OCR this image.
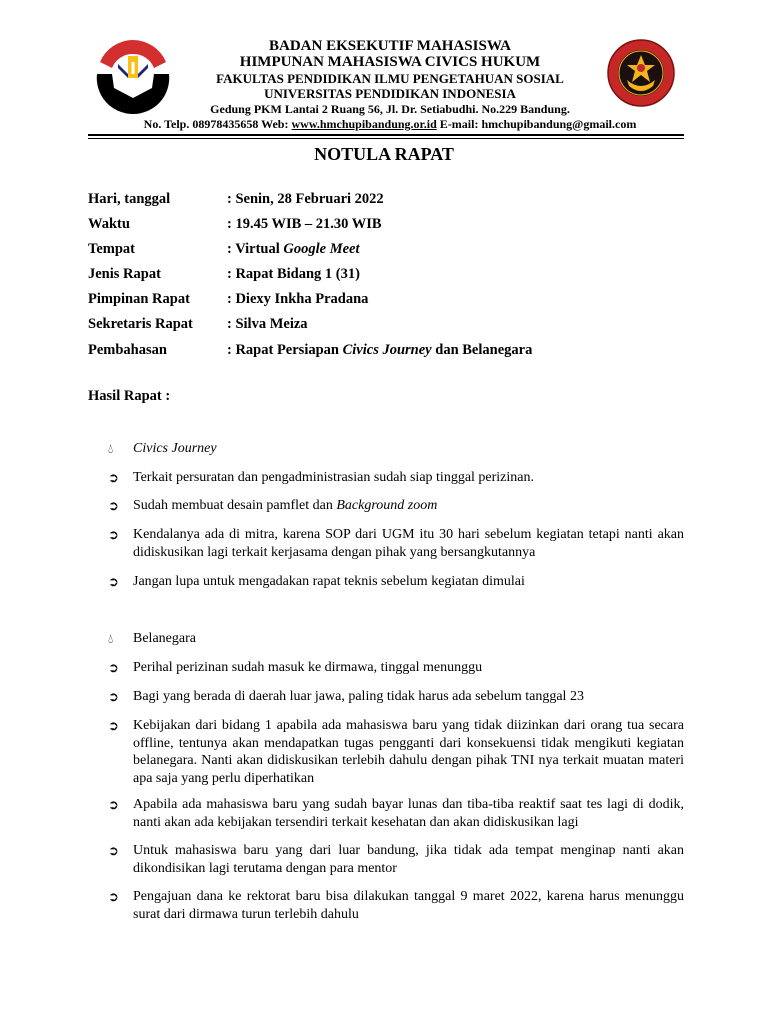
BADAN EKSEKUTIF MAHASISWA
HIMPUNAN MAHASISWA CIVICS HUKUM
FAKULTAS PENDIDIKAN ILMU PENGETAHUAN SOSIAL
UNIVERSITAS PENDIDIKAN INDONESIA
Gedung PKM Lantai 2 Ruang 56, Jl. Dr. Setiabudhi. No.229 Bandung.
No. Telp. 08978435658 Web: www.hmchupibandung.or.id E-mail: hmchupibandung@gmail.com
NOTULA RAPAT
Hari, tanggal	: Senin, 28 Februari 2022
Waktu	: 19.45 WIB – 21.30 WIB
Tempat	: Virtual Google Meet
Jenis Rapat	: Rapat Bidang 1 (31)
Pimpinan Rapat	: Diexy Inkha Pradana
Sekretaris Rapat : Silva Meiza
Pembahasan	: Rapat Persiapan Civics Journey dan Belanegara
Hasil Rapat :
💧︎	Civics Journey
➲	Terkait persuratan dan pengadministrasian sudah siap tinggal perizinan.
➲	Sudah membuat desain pamflet dan Background zoom
➲	Kendalanya ada di mitra, karena SOP dari UGM itu 30 hari sebelum kegiatan tetapi nanti akan didiskusikan lagi terkait kerjasama dengan pihak yang bersangkutannya
➲	Jangan lupa untuk mengadakan rapat teknis sebelum kegiatan dimulai
💧︎	Belanegara
➲	Perihal perizinan sudah masuk ke dirmawa, tinggal menunggu
➲	Bagi yang berada di daerah luar jawa, paling tidak harus ada sebelum tanggal 23
➲	Kebijakan dari bidang 1 apabila ada mahasiswa baru yang tidak diizinkan dari orang tua secara offline, tentunya akan mendapatkan tugas pengganti dari konsekuensi tidak mengikuti kegiatan belanegara. Nanti akan didiskusikan terlebih dahulu dengan pihak TNI nya terkait muatan materi apa saja yang perlu diperhatikan
➲	Apabila ada mahasiswa baru yang sudah bayar lunas dan tiba-tiba reaktif saat tes lagi di dodik, nanti akan ada kebijakan tersendiri terkait kesehatan dan akan didiskusikan lagi
➲	Untuk mahasiswa baru yang dari luar bandung, jika tidak ada tempat menginap nanti akan dikondisikan lagi terutama dengan para mentor
➲	Pengajuan dana ke rektorat baru bisa dilakukan tanggal 9 maret 2022, karena harus menunggu surat dari dirmawa turun terlebih dahulu
